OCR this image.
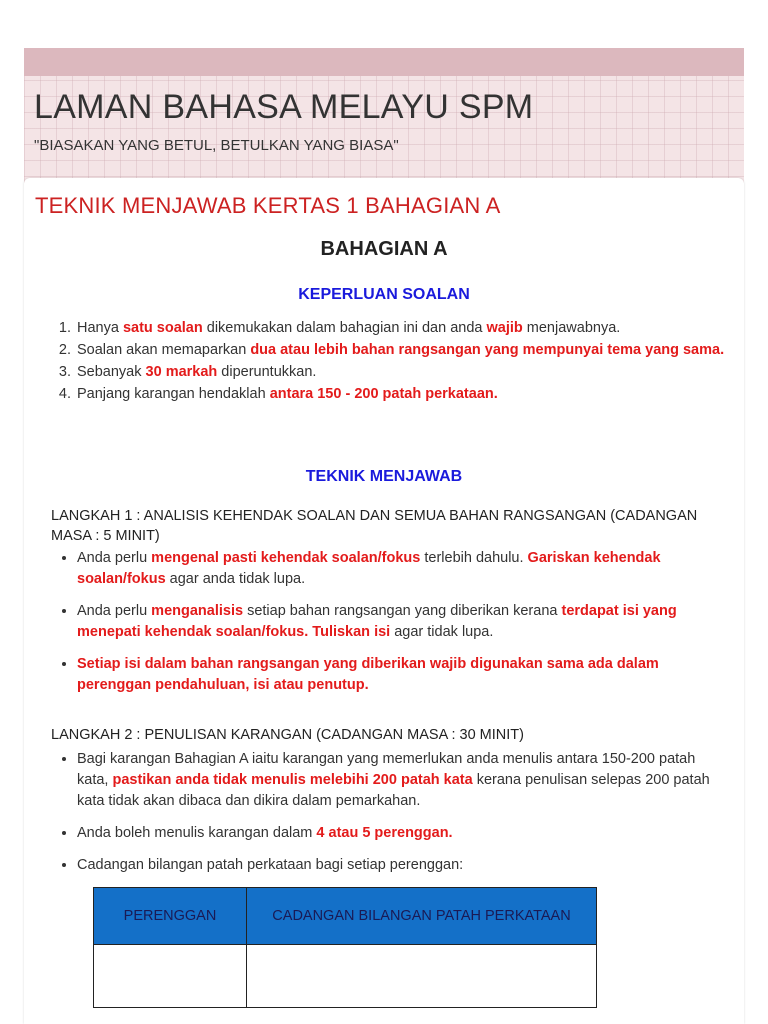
LAMAN BAHASA MELAYU SPM
"BIASAKAN YANG BETUL, BETULKAN YANG BIASA"
TEKNIK MENJAWAB KERTAS 1 BAHAGIAN A
BAHAGIAN A
KEPERLUAN SOALAN
1. Hanya satu soalan dikemukakan dalam bahagian ini dan anda wajib menjawabnya.
2. Soalan akan memaparkan dua atau lebih bahan rangsangan yang mempunyai tema yang sama.
3. Sebanyak 30 markah diperuntukkan.
4. Panjang karangan hendaklah antara 150 - 200 patah perkataan.
TEKNIK MENJAWAB
LANGKAH 1 : ANALISIS KEHENDAK SOALAN DAN SEMUA BAHAN RANGSANGAN (CADANGAN MASA : 5 MINIT)
• Anda perlu mengenal pasti kehendak soalan/fokus terlebih dahulu. Gariskan kehendak soalan/fokus agar anda tidak lupa.
• Anda perlu menganalisis setiap bahan rangsangan yang diberikan kerana terdapat isi yang menepati kehendak soalan/fokus. Tuliskan isi agar tidak lupa.
• Setiap isi dalam bahan rangsangan yang diberikan wajib digunakan sama ada dalam perenggan pendahuluan, isi atau penutup.
LANGKAH 2 : PENULISAN KARANGAN (CADANGAN MASA : 30 MINIT)
• Bagi karangan Bahagian A iaitu karangan yang memerlukan anda menulis antara 150-200 patah kata, pastikan anda tidak menulis melebihi 200 patah kata kerana penulisan selepas 200 patah kata tidak akan dibaca dan dikira dalam pemarkahan.
• Anda boleh menulis karangan dalam 4 atau 5 perenggan.
• Cadangan bilangan patah perkataan bagi setiap perenggan:
PERENGGAN	CADANGAN BILANGAN PATAH PERKATAAN
